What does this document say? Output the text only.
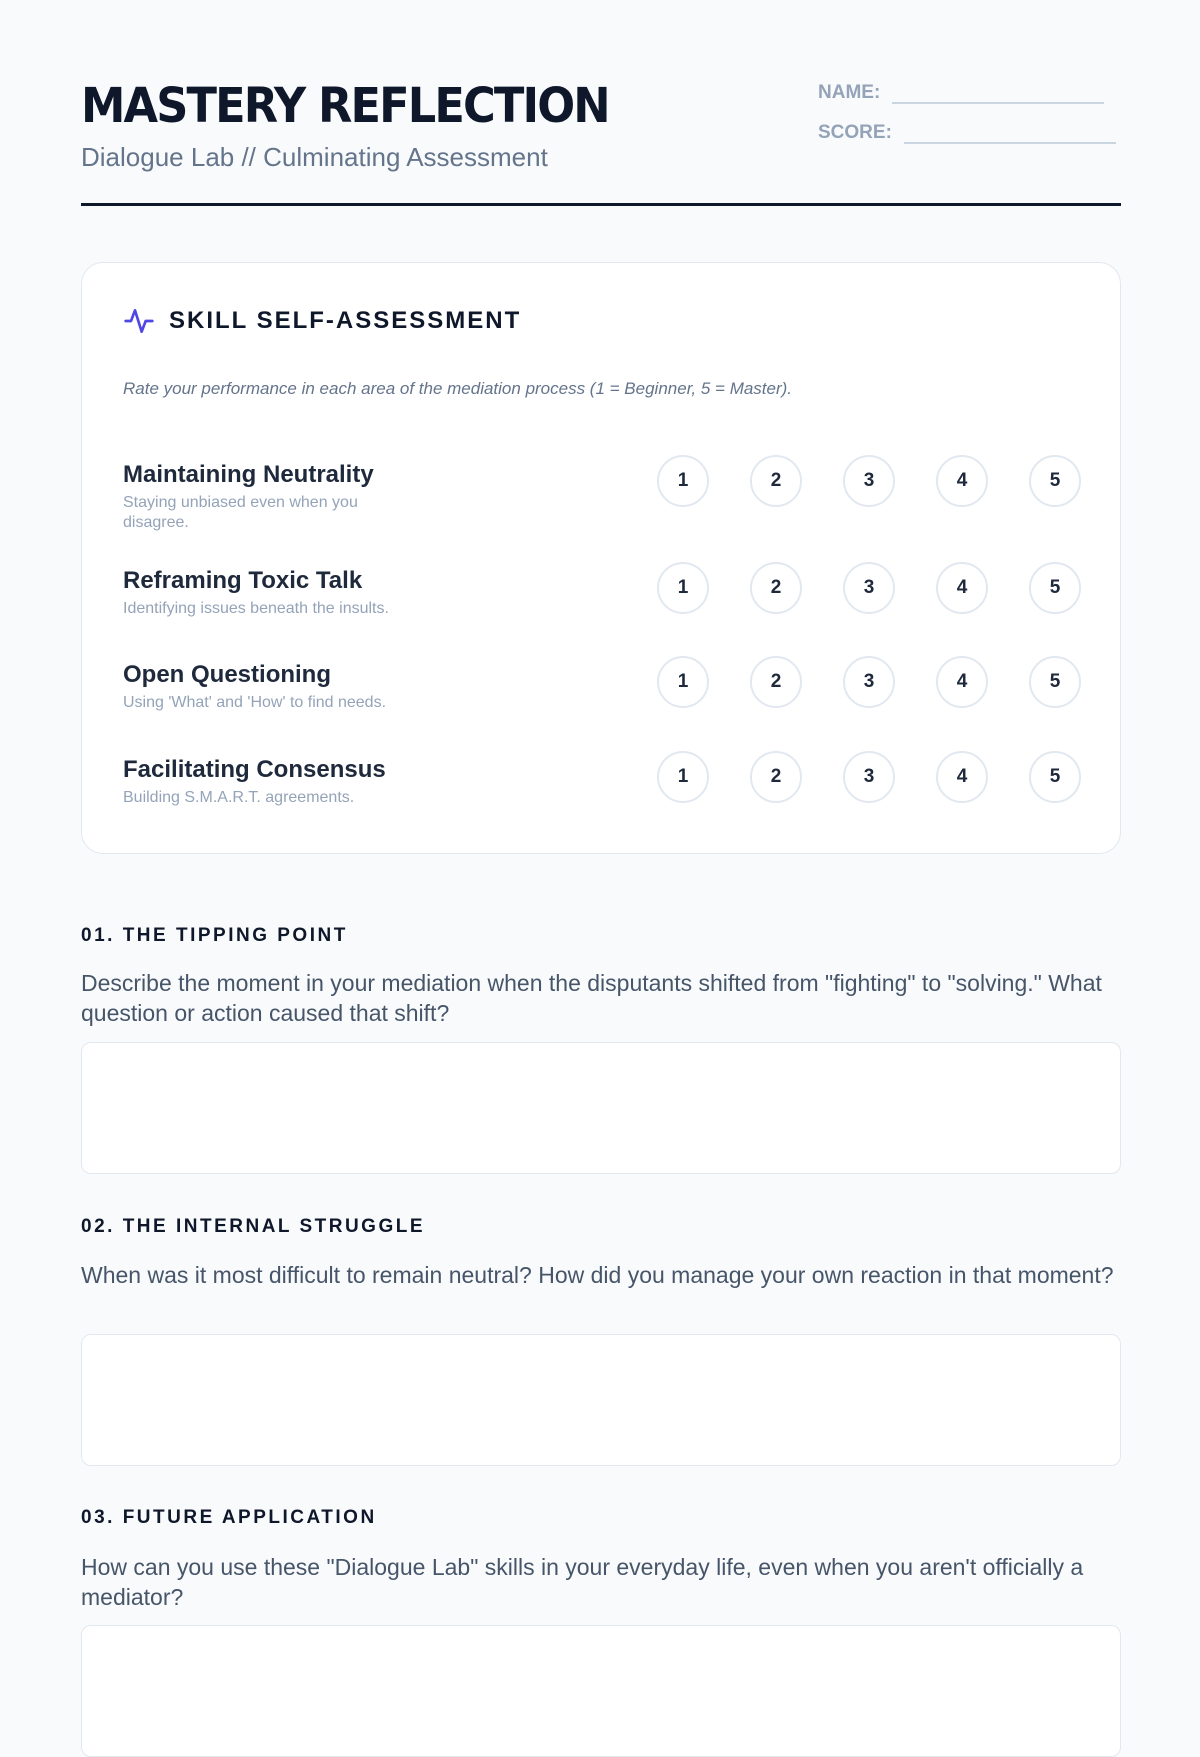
MASTERY REFLECTION
Dialogue Lab // Culminating Assessment
NAME:
SCORE:
SKILL SELF-ASSESSMENT
Rate your performance in each area of the mediation process (1 = Beginner, 5 = Master).
Maintaining Neutrality
Staying unbiased even when you disagree.
1	2	3	4	5
Reframing Toxic Talk
Identifying issues beneath the insults.
1	2	3	4	5
Open Questioning
Using 'What' and 'How' to find needs.
1	2	3	4	5
Facilitating Consensus
Building S.M.A.R.T. agreements.
1	2	3	4	5
01. THE TIPPING POINT
Describe the moment in your mediation when the disputants shifted from "fighting" to "solving." What question or action caused that shift?
02. THE INTERNAL STRUGGLE
When was it most difficult to remain neutral? How did you manage your own reaction in that moment?
03. FUTURE APPLICATION
How can you use these "Dialogue Lab" skills in your everyday life, even when you aren't officially a mediator?
